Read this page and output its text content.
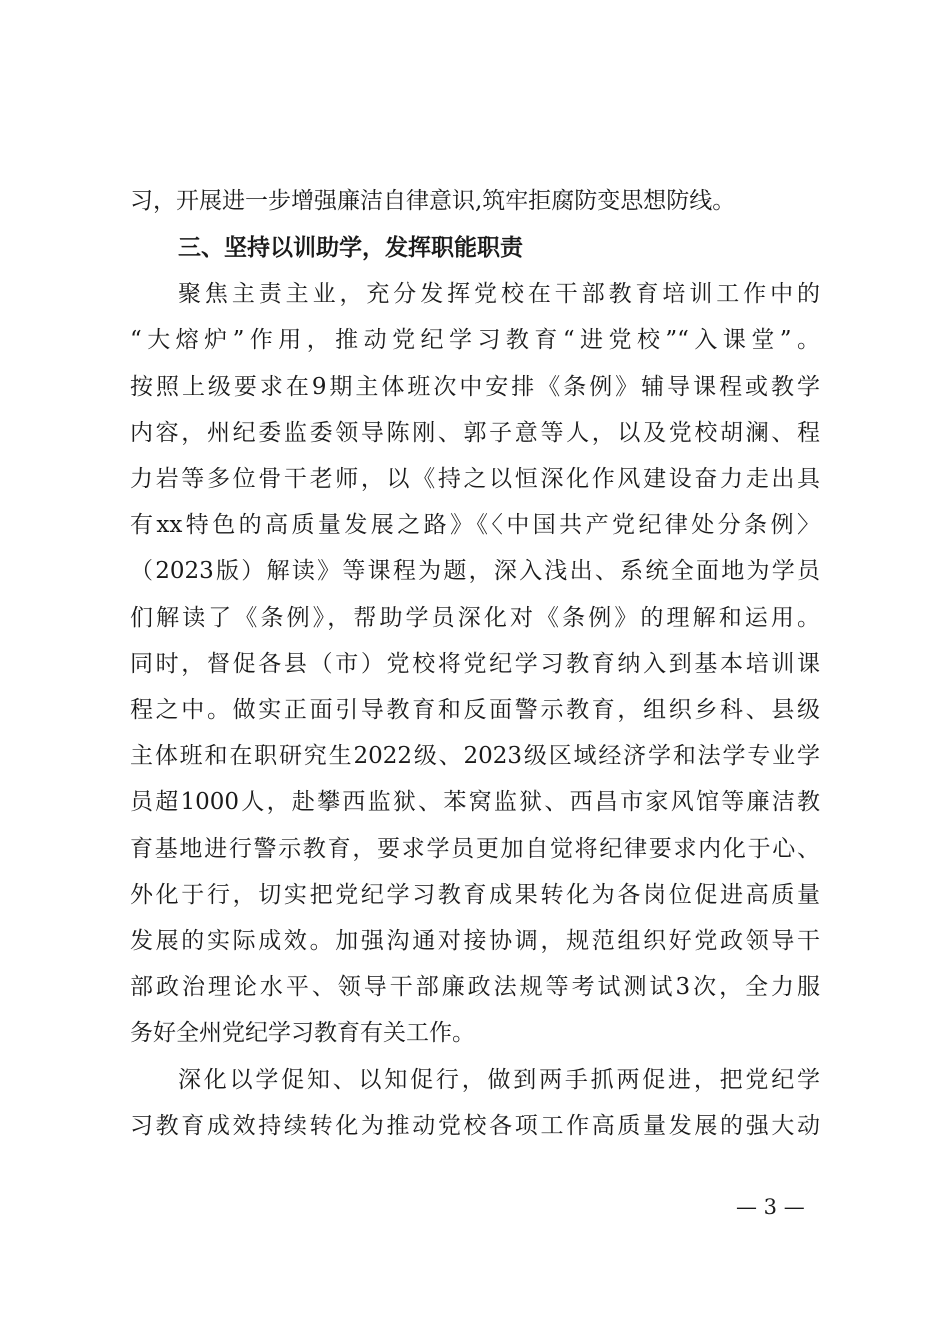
习，开展进一步增强廉洁自律意识,筑牢拒腐防变思想防线。
三、坚持以训助学，发挥职能职责
聚焦主责主业，充分发挥党校在干部教育培训工作中的
“大熔炉”作用，推动党纪学习教育“进党校”“入课堂”。
按照上级要求在9期主体班次中安排《条例》辅导课程或教学
内容，州纪委监委领导陈刚、郭子意等人，以及党校胡澜、程
力岩等多位骨干老师，以《持之以恒深化作风建设奋力走出具
有xx特色的高质量发展之路》《〈中国共产党纪律处分条例〉
（2023版）解读》等课程为题，深入浅出、系统全面地为学员
们解读了《条例》，帮助学员深化对《条例》的理解和运用。
同时，督促各县（市）党校将党纪学习教育纳入到基本培训课
程之中。做实正面引导教育和反面警示教育，组织乡科、县级
主体班和在职研究生2022级、2023级区域经济学和法学专业学
员超1000人，赴攀西监狱、苯窝监狱、西昌市家风馆等廉洁教
育基地进行警示教育，要求学员更加自觉将纪律要求内化于心、
外化于行，切实把党纪学习教育成果转化为各岗位促进高质量
发展的实际成效。加强沟通对接协调，规范组织好党政领导干
部政治理论水平、领导干部廉政法规等考试测试3次，全力服
务好全州党纪学习教育有关工作。
深化以学促知、以知促行，做到两手抓两促进，把党纪学
习教育成效持续转化为推动党校各项工作高质量发展的强大动
— 3 —
